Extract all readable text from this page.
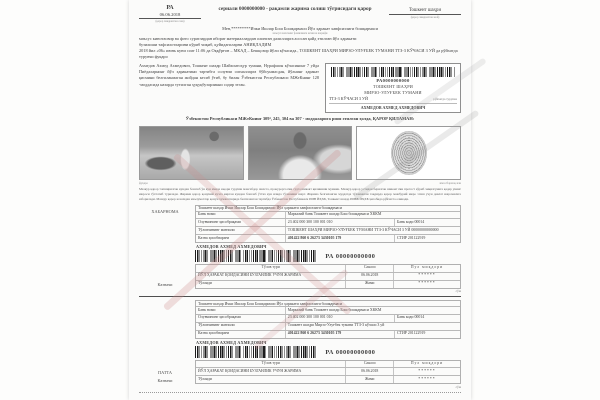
РА
06.06.2018
(қарор чиқарилган сана)
сериали 0000000000 - рақамли жарима солиш тўғрисидаги қарор	Тошкент шаҳри
(қарор чиқарилган жой)
Мен,*********Ички Ишлар Бош Бошқармаси Йўл ҳаракат хавфсизлиги бошқармаси
маъсул шахснинг фамилияси исми ва шарифи
маъсус кинотасвир ва фото суратлардан иборат материаллардан олинган далилларга асосан қайд этилган йўл ҳаракати
бузилиши тафсилотларини кўриб чиқиб, қуйидагиларни АНИҚЛАДИМ
2018 йил «06» июнь куни соат 11:06 да Оққўрғон – МКАД – Бешқозир йўли кўчасида., ТОШКЕНТ ШАҲРИ МИРЗО-УЛУҒБЕК ТУМАНИ ТТЗ-3 КЎЧАСИ 3 УЙ да рўйхатда турувчи фуқаро
Ахмедов Ахмед Ахмедович, Тошкент шаҳар Шайхонтоҳур тумани, Нурафшон кўчасининг 7 уйда Пиёдаларнинг йўл ҳаракатини тартибга солувчи сигналларга бўйсунмасдан, йўлнинг ҳаракат қисмини белгиланмаган жойдан кесиб ўтиб, бу билан Ўзбекистон Республикаси МЖтКнинг 128 -моддасида назарда тутилган ҳуқуқбузарликни содир этган.
РА0000000000
ТОШКЕНТ ШАҲРИ
МИРЗО-УЛУҒБЕК ТУМАНИ
ТТЗ-3 КЎЧАСИ 3 УЙ	рўйхатда турувчи
АХМЕДОВ АХМЕД АХМЕДОВИЧ
Ўзбекистон Республикаси МЖтКнинг 309¹, 245, 304 ва 307 - моддаларига риоя этилган ҳолда, ҚАРОР ҚИЛАМАН:
фуқаро	имзо/бармоқ изи
Мазкур қарор топширилган кундан бошлаб ўн кун ичида юқори турувчи мансабдор шахсга, прокурорга ёки судга шикоят қилиниши мумкин. Мазкур қарор устидан берилган шикоят ёки протест кўриб чиқилгунига қадар унинг ижроси тўхтатиб турилади. Жарима қарор қонуний кучга кирган кундан бошлаб ўттиз кун ичида тўланиши шарт. Жарима белгиланган муддатда тўланмаган тақдирда қарор мажбурий ижро этиш учун давлат ижрочисига юборилади. Мазкур қарор юзасидан маълумотлар қонун ҳужжатларида белгиланган тартибда Ўзбекистон Республикаси ИИВ ЙҲХБ, Тошкент шаҳар ИИББ ЙҲХБ ҳисобида рўйхатга олинади.
ХАБАРНОМА
Казначи
Тошкент шаҳар Ички Ишлар Бош Бошқармаси Йўл ҳаракати хавфсизлиги бошқармаси
Банк номи	Марказий банк Тошкент шаҳар Бош бошқармаси ХККМ
Олувчининг ҳисобрақами	23 402 000 300 100 001 010	Банк коди 00014
Тўловчининг манзили	ТОШКЕНТ ШАҲРИ МИРЗО-УЛУҒБЕК ТУМАНИ ТТЗ-3 КЎЧАСИ 3 УЙ 00000000000000
Казна ҳисобварағи	401422 860 6 26273 3430105 179	СТИР 201122919
АХМЕДОВ АХМЕД АХМЕДОВИЧ
РА 00000000000
Тўлов тури	Санаси	Пул миқдори
ЙЎЛ ҲАРАКАТ ҚОИДАСИНИ БУЗГАНЛИК УЧУН ЖАРИМА	06.06.2018	******
Тўланди	Жами	******
сўм
ПАТТА
Казначи
Тошкент шаҳар Ички Ишлар Бош Бошқармаси Йўл ҳаракати хавфсизлиги бошқармаси
Банк номи	Марказий банк Тошкент шаҳар Бош бошқармаси ХККМ
Олувчининг ҳисобрақами	23 402 000 300 100 001 010	Банк коди 00014
Тўловчининг манзили	Тошкент шаҳри Мирзо-Улуғбек тумани ТТЗ-3 кўчаси 3 уй
Казна ҳисобварағи	401422 860 6 26273 3430105 179	СТИР 201122919
АХМЕДОВ АХМЕД АХМЕДОВИЧ
РА 00000000000
Тўлов тури	Санаси	Пул миқдори
ЙЎЛ ҲАРАКАТ ҚОИДАСИНИ БУЗГАНЛИК УЧУН ЖАРИМА	06.06.2018	******
Тўланди	Жами	******
сўм
